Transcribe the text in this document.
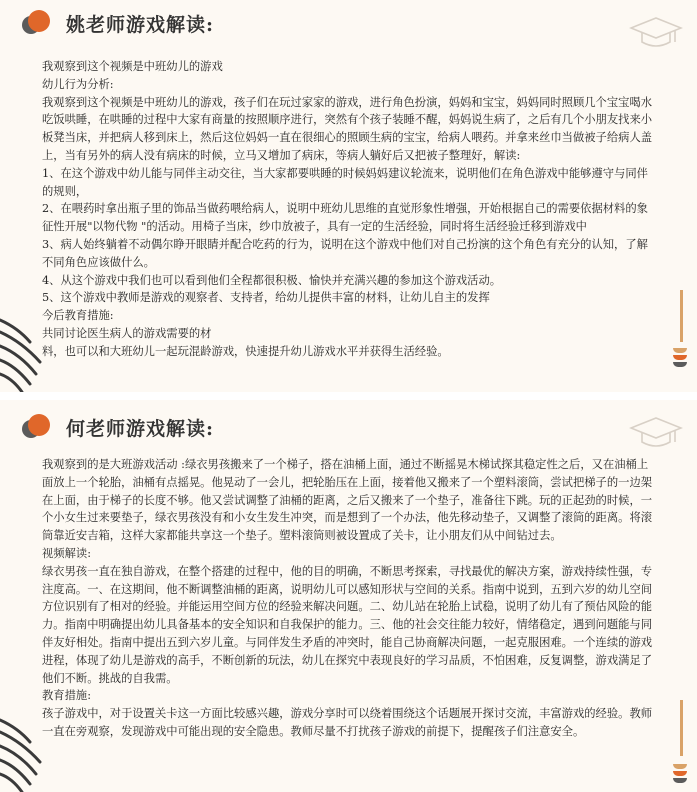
姚老师游戏解读:

我观察到这个视频是中班幼儿的游戏

幼儿行为分析:

我观察到这个视频是中班幼儿的游戏，孩子们在玩过家家的游戏，进行角色扮演，妈妈和宝宝，妈妈同时照顾几个宝宝喝水吃饭哄睡，在哄睡的过程中大家有商量的按照顺序进行，突然有个孩子装睡不醒，妈妈说生病了，之后有几个小朋友找来小板凳当床，并把病人移到床上，然后这位妈妈一直在很细心的照顾生病的宝宝，给病人喂药。并拿来丝巾当做被子给病人盖上，当有另外的病人没有病床的时候，立马又增加了病床，等病人躺好后又把被子整理好，解读:

1、在这个游戏中幼儿能与同伴主动交往，当大家都要哄睡的时候妈妈建议轮流来，说明他们在角色游戏中能够遵守与同伴的规则，

2、在喂药时拿出瓶子里的饰品当做药喂给病人，说明中班幼儿思维的直觉形象性增强，开始根据自己的需要依据材料的象征性开展"以物代物 "的活动。用椅子当床，纱巾放被子，具有一定的生活经验，同时将生活经验迁移到游戏中

3、病人始终躺着不动偶尔睁开眼睛并配合吃药的行为，说明在这个游戏中他们对自己扮演的这个角色有充分的认知，了解不同角色应该做什么。

4、从这个游戏中我们也可以看到他们全程都很积极、愉快并充满兴趣的参加这个游戏活动。

5、这个游戏中教师是游戏的观察者、支持者，给幼儿提供丰富的材料，让幼儿自主的发挥

今后教育措施:

共同讨论医生病人的游戏需要的材

料，也可以和大班幼儿一起玩混龄游戏，快速提升幼儿游戏水平并获得生活经验。

何老师游戏解读:

我观察到的是大班游戏活动 :绿衣男孩搬来了一个梯子，搭在油桶上面，通过不断摇晃木梯试探其稳定性之后，又在油桶上面放上一个轮胎，油桶有点摇晃。他晃动了一会儿，把轮胎压在上面，接着他又搬来了一个塑料滚筒，尝试把梯子的一边架在上面，由于梯子的长度不够。他又尝试调整了油桶的距离，之后又搬来了一个垫子，准备往下跳。玩的正起劲的时候，一个小女生过来要垫子，绿衣男孩没有和小女生发生冲突，而是想到了一个办法，他先移动垫子，又调整了滚筒的距离。将滚筒靠近安吉箱，这样大家都能共享这一个垫子。塑料滚筒则被设置成了关卡，让小朋友们从中间钻过去。

视频解读:

绿衣男孩一直在独自游戏，在整个搭建的过程中，他的目的明确，不断思考探索，寻找最优的解决方案，游戏持续性强，专注度高。一、在这期间，他不断调整油桶的距离，说明幼儿可以感知形状与空间的关系。指南中说到，五到六岁的幼儿空间方位识别有了相对的经验。并能运用空间方位的经验来解决问题。二、幼儿站在轮胎上试稳，说明了幼儿有了预估风险的能力。指南中明确提出幼儿具备基本的安全知识和自我保护的能力。三、他的社会交往能力较好，情绪稳定，遇到问题能与同伴友好相处。指南中提出五到六岁儿童。与同伴发生矛盾的冲突时，能自己协商解决问题，一起克服困难。一个连续的游戏进程，体现了幼儿是游戏的高手，不断创新的玩法，幼儿在探究中表现良好的学习品质，不怕困难，反复调整，游戏满足了他们不断。挑战的自我需。

教育措施:

孩子游戏中，对于设置关卡这一方面比较感兴趣，游戏分享时可以绕着围绕这个话题展开探讨交流，丰富游戏的经验。教师一直在旁观察，发现游戏中可能出现的安全隐患。教师尽量不打扰孩子游戏的前提下，提醒孩子们注意安全。
